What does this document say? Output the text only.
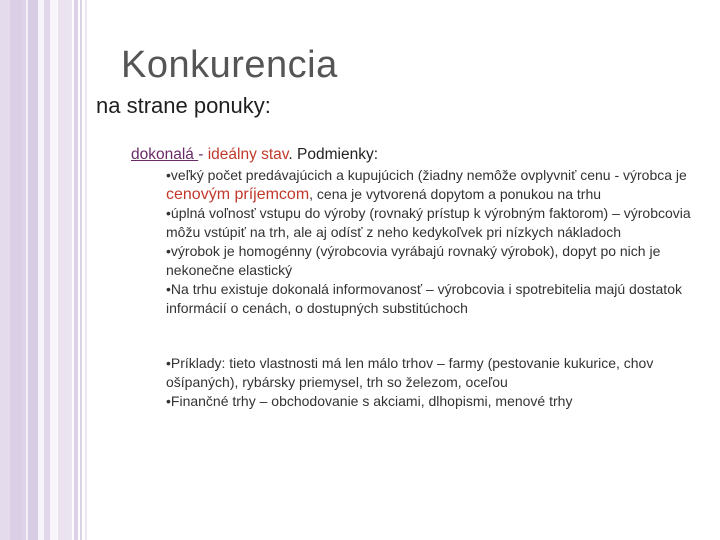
Konkurencia
na strane ponuky:
dokonalá - ideálny stav. Podmienky:

•veľký počet predávajúcich a kupujúcich (žiadny nemôže ovplyvniť cenu - výrobca je cenovým príjemcom, cena je vytvorená dopytom a ponukou na trhu

•úplná voľnosť vstupu do výroby (rovnaký prístup k výrobným faktorom) – výrobcovia môžu vstúpiť na trh, ale aj odísť z neho kedykoľvek pri nízkych nákladoch

•výrobok je homogénny (výrobcovia vyrábajú rovnaký výrobok), dopyt po nich je nekonečne elastický

•Na trhu existuje dokonalá informovanosť – výrobcovia i spotrebitelia majú dostatok informácií o cenách, o dostupných substitúchoch

•Príklady: tieto vlastnosti má len málo trhov – farmy (pestovanie kukurice, chov ošípaných), rybársky priemysel, trh so železom, oceľou

•Finančné trhy – obchodovanie s akciami, dlhopismi, menové trhy
